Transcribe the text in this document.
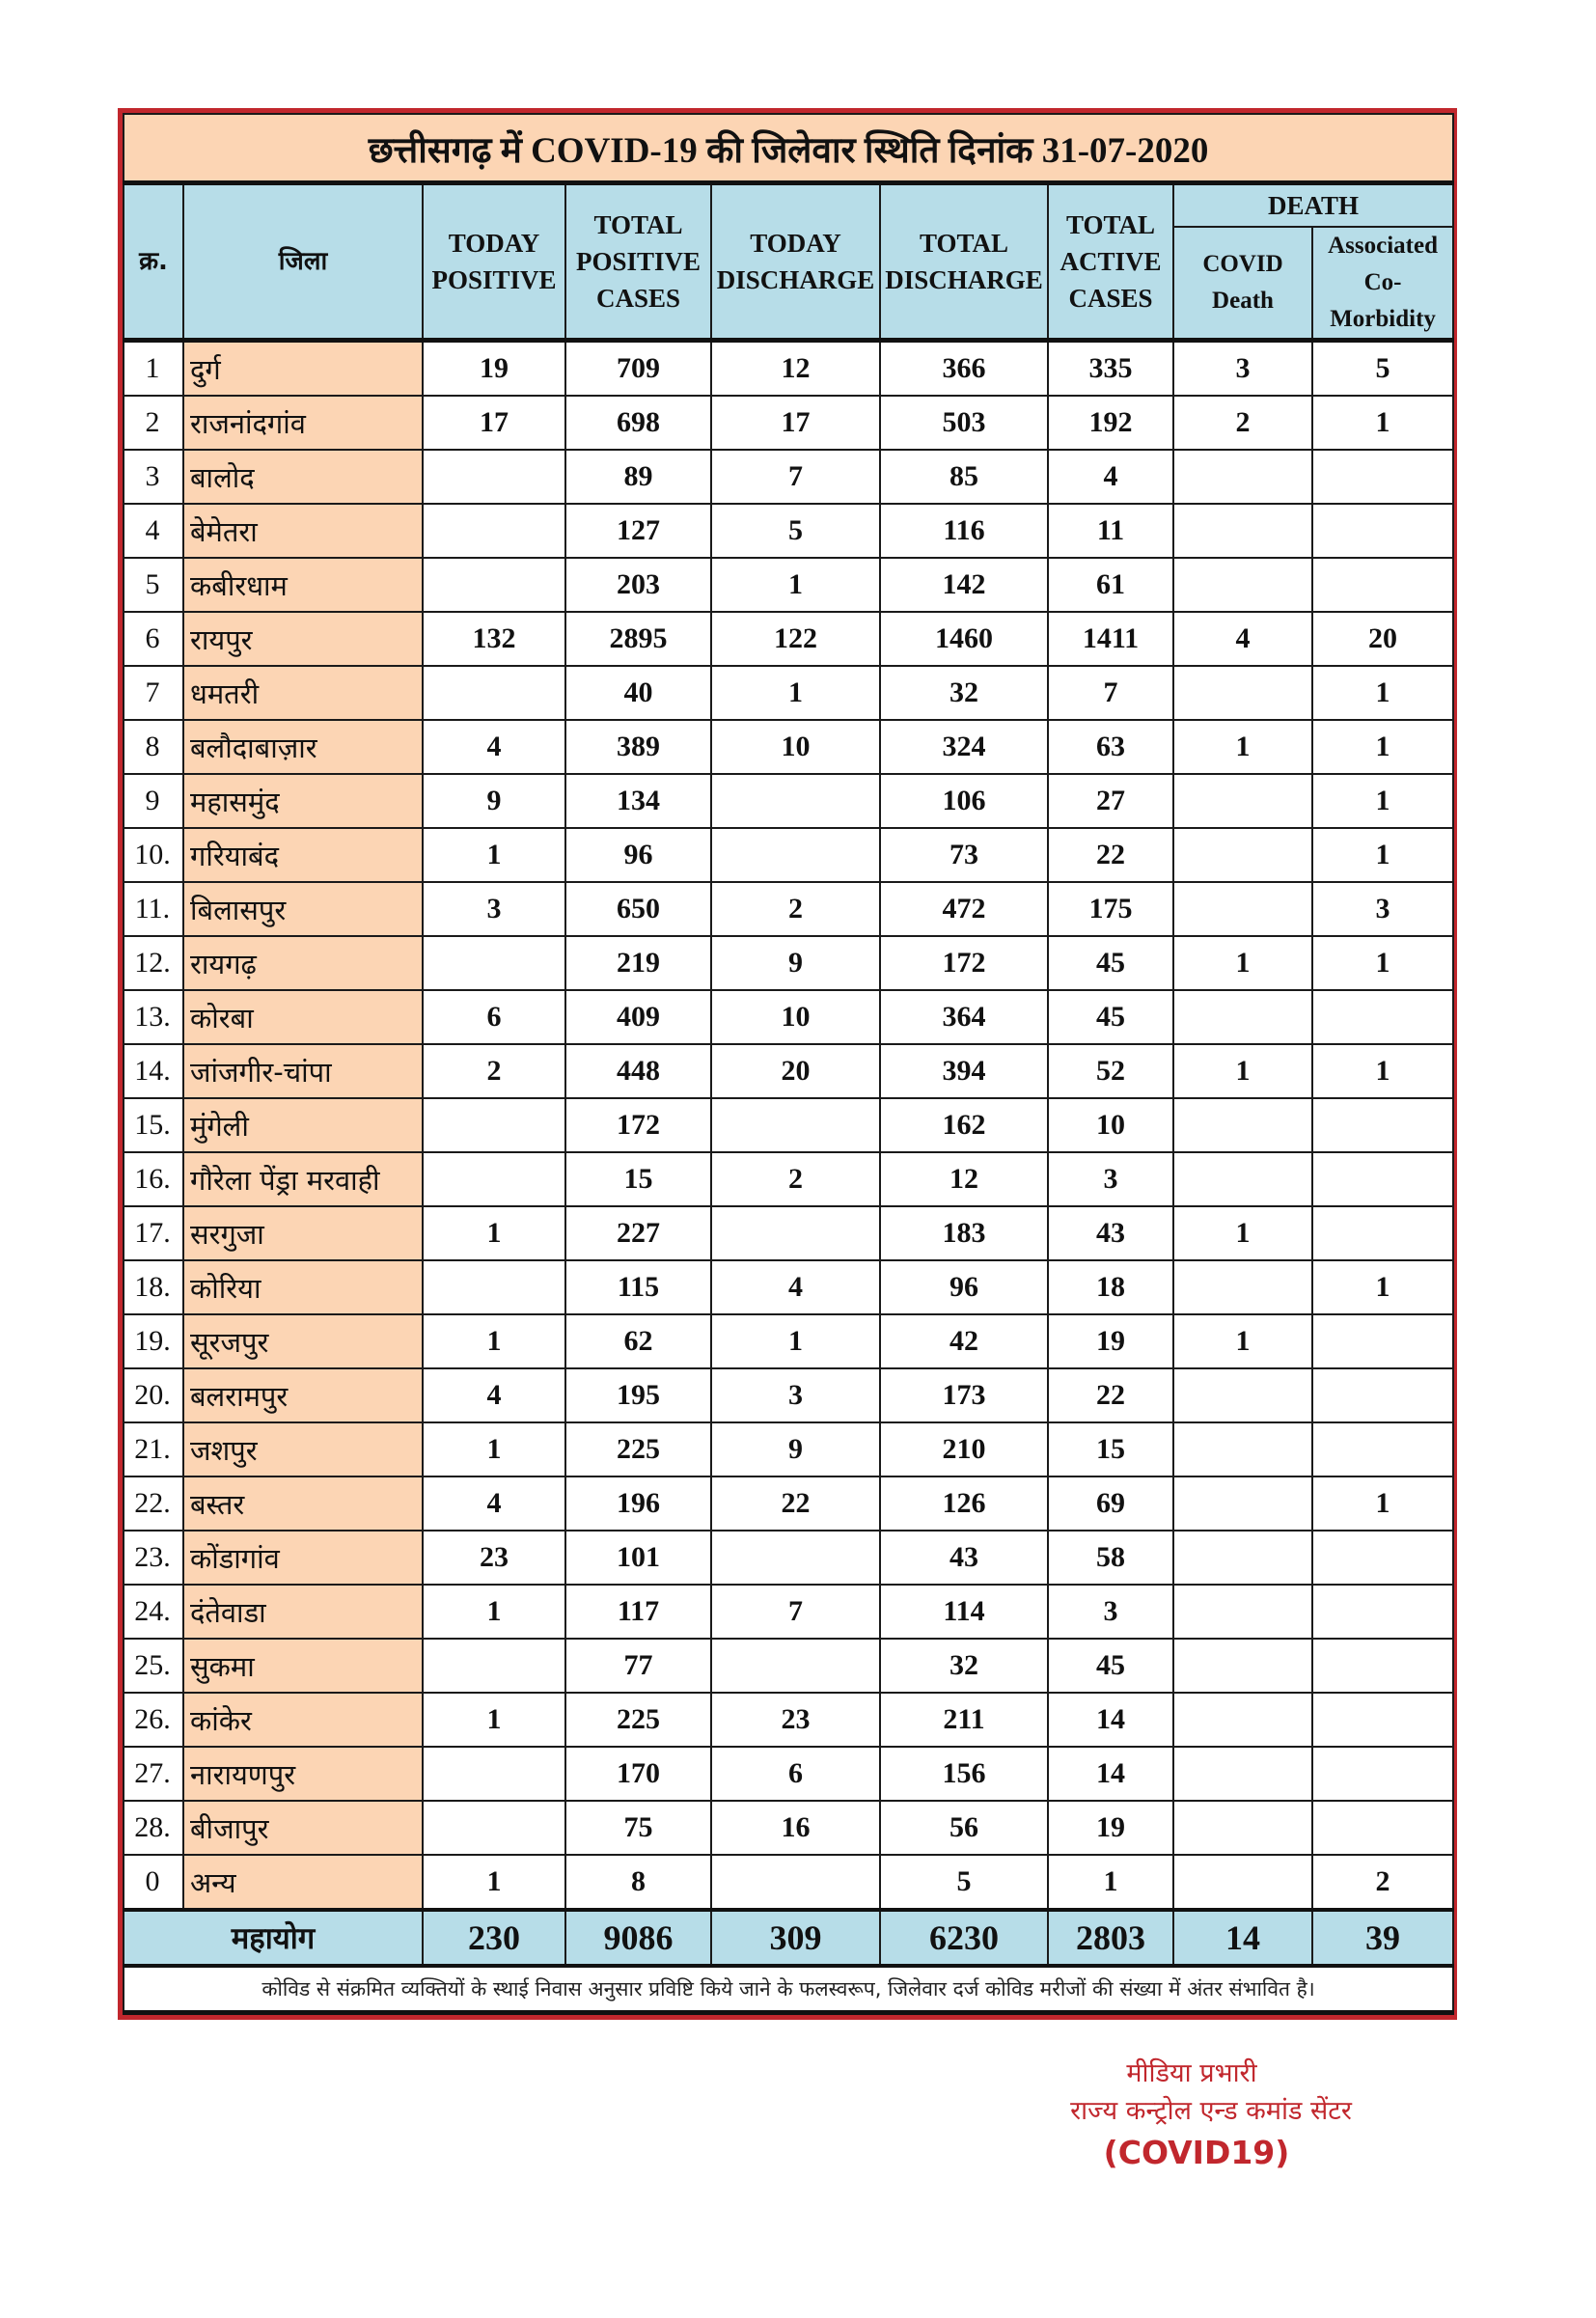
छत्तीसगढ़ में COVID-19 की जिलेवार स्थिति दिनांक 31-07-2020								
क्र.	जिला	TODAY POSITIVE	TOTAL POSITIVE CASES	TODAY DISCHARGE	TOTAL DISCHARGE	TOTAL ACTIVE CASES	DEATH	
							COVID Death	Associated Co-Morbidity
1	दुर्ग	19	709	12	366	335	3	5
2	राजनांदगांव	17	698	17	503	192	2	1
3	बालोद		89	7	85	4		
4	बेमेतरा		127	5	116	11		
5	कबीरधाम		203	1	142	61		
6	रायपुर	132	2895	122	1460	1411	4	20
7	धमतरी		40	1	32	7		1
8	बलौदाबाज़ार	4	389	10	324	63	1	1
9	महासमुंद	9	134		106	27		1
10.	गरियाबंद	1	96		73	22		1
11.	बिलासपुर	3	650	2	472	175		3
12.	रायगढ़		219	9	172	45	1	1
13.	कोरबा	6	409	10	364	45		
14.	जांजगीर-चांपा	2	448	20	394	52	1	1
15.	मुंगेली		172		162	10		
16.	गौरेला पेंड्रा मरवाही		15	2	12	3		
17.	सरगुजा	1	227		183	43	1	
18.	कोरिया		115	4	96	18		1
19.	सूरजपुर	1	62	1	42	19	1	
20.	बलरामपुर	4	195	3	173	22		
21.	जशपुर	1	225	9	210	15		
22.	बस्तर	4	196	22	126	69		1
23.	कोंडागांव	23	101		43	58		
24.	दंतेवाडा	1	117	7	114	3		
25.	सुकमा		77		32	45		
26.	कांकेर	1	225	23	211	14		
27.	नारायणपुर		170	6	156	14		
28.	बीजापुर		75	16	56	19		
0	अन्य	1	8		5	1		2
महायोग		230	9086	309	6230	2803	14	39
कोविड से संक्रमित व्यक्तियों के स्थाई निवास अनुसार प्रविष्टि किये जाने के फलस्वरूप, जिलेवार दर्ज कोविड मरीजों की संख्या में अंतर संभावित है।								
मीडिया प्रभारी
राज्य कन्ट्रोल एन्ड कमांड सेंटर
(COVID19)
